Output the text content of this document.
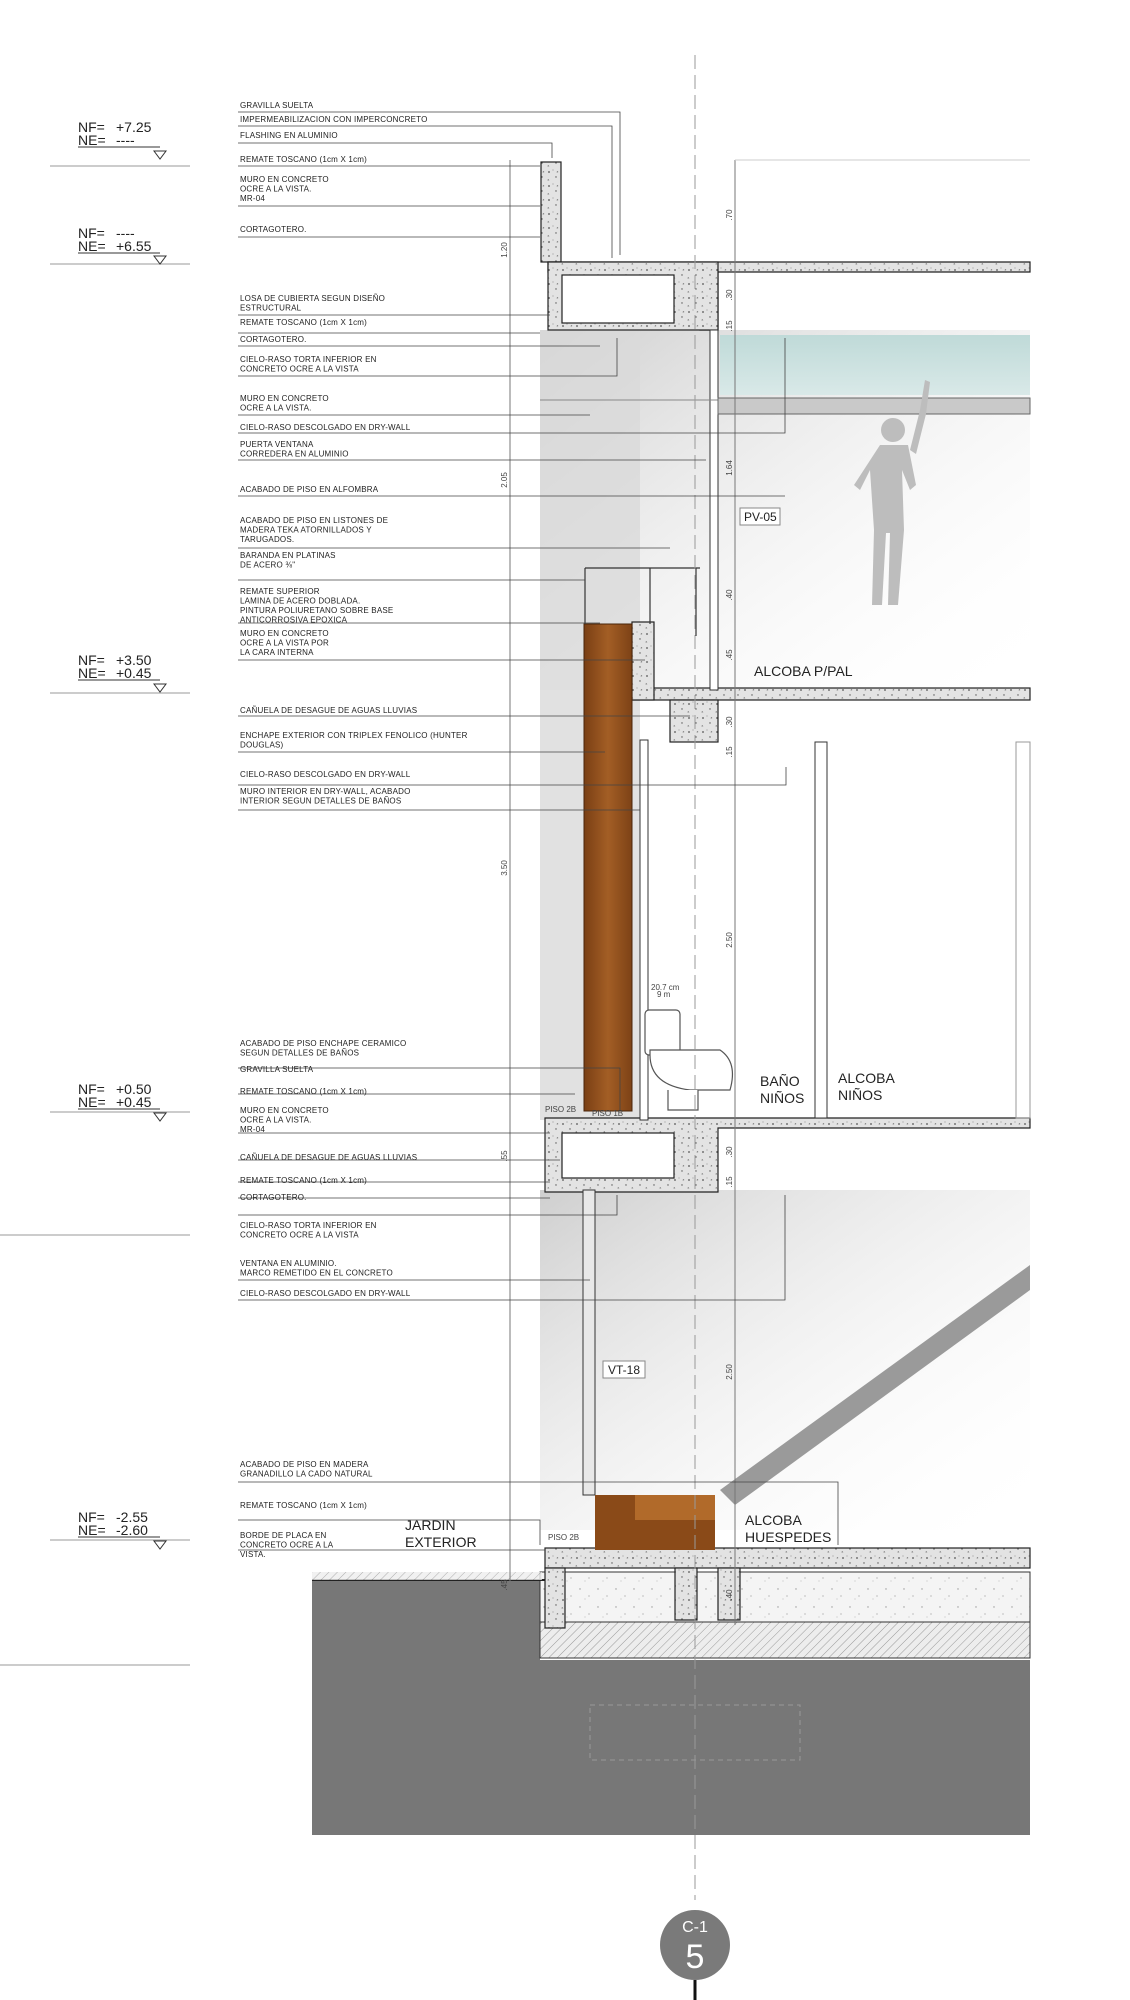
NF= +7.25
NE= ----
NF= ----
NE= +6.55
NF= +3.50
NE= +0.45
NF= +0.50
NE= +0.45
NF= -2.55
NE= -2.60
GRAVILLA SUELTA
IMPERMEABILIZACION CON IMPERCONCRETO
FLASHING EN ALUMINIO
REMATE TOSCANO (1cm X 1cm)
MURO EN CONCRETO OCRE A LA VISTA. MR-04
CORTAGOTERO.
LOSA DE CUBIERTA SEGUN DISEÑO ESTRUCTURAL
REMATE TOSCANO (1cm X 1cm)
CORTAGOTERO.
CIELO-RASO TORTA INFERIOR EN CONCRETO OCRE A LA VISTA
MURO EN CONCRETO OCRE A LA VISTA.
CIELO-RASO DESCOLGADO EN DRY-WALL
PUERTA VENTANA CORREDERA EN ALUMINIO
ACABADO DE PISO EN ALFOMBRA
ACABADO DE PISO EN LISTONES DE MADERA TEKA ATORNILLADOS Y TARUGADOS.
BARANDA EN PLATINAS DE ACERO ⅜"
REMATE SUPERIOR LAMINA DE ACERO DOBLADA. PINTURA POLIURETANO SOBRE BASE ANTICORROSIVA EPOXICA
MURO EN CONCRETO OCRE A LA VISTA POR LA CARA INTERNA
CAÑUELA DE DESAGUE DE AGUAS LLUVIAS
ENCHAPE EXTERIOR CON TRIPLEX FENOLICO (HUNTER DOUGLAS)
CIELO-RASO DESCOLGADO EN DRY-WALL
MURO INTERIOR EN DRY-WALL, ACABADO INTERIOR SEGUN DETALLES DE BAÑOS
ACABADO DE PISO ENCHAPE CERAMICO SEGUN DETALLES DE BAÑOS
GRAVILLA SUELTA
REMATE TOSCANO (1cm X 1cm)
MURO EN CONCRETO OCRE A LA VISTA. MR-04
CAÑUELA DE DESAGUE DE AGUAS LLUVIAS
REMATE TOSCANO (1cm X 1cm)
CORTAGOTERO.
CIELO-RASO TORTA INFERIOR EN CONCRETO OCRE A LA VISTA
VENTANA EN ALUMINIO. MARCO REMETIDO EN EL CONCRETO
CIELO-RASO DESCOLGADO EN DRY-WALL
ACABADO DE PISO EN MADERA GRANADILLO LA CADO NATURAL
REMATE TOSCANO (1cm X 1cm)
BORDE DE PLACA EN CONCRETO OCRE A LA VISTA.
ALCOBA P/PAL
BAÑO NIÑOS
ALCOBA NIÑOS
ALCOBA HUESPEDES
JARDIN EXTERIOR
PV-05
VT-18
.70
1.20
.30
.15
2.05
1.64
.40
.45
.30
.15
3.50
2.50
.55	.30
.15
2.50
.40
.45
20.7 cm
9 m
PISO 2B PISO 1B
PISO 2B
C-1
5
